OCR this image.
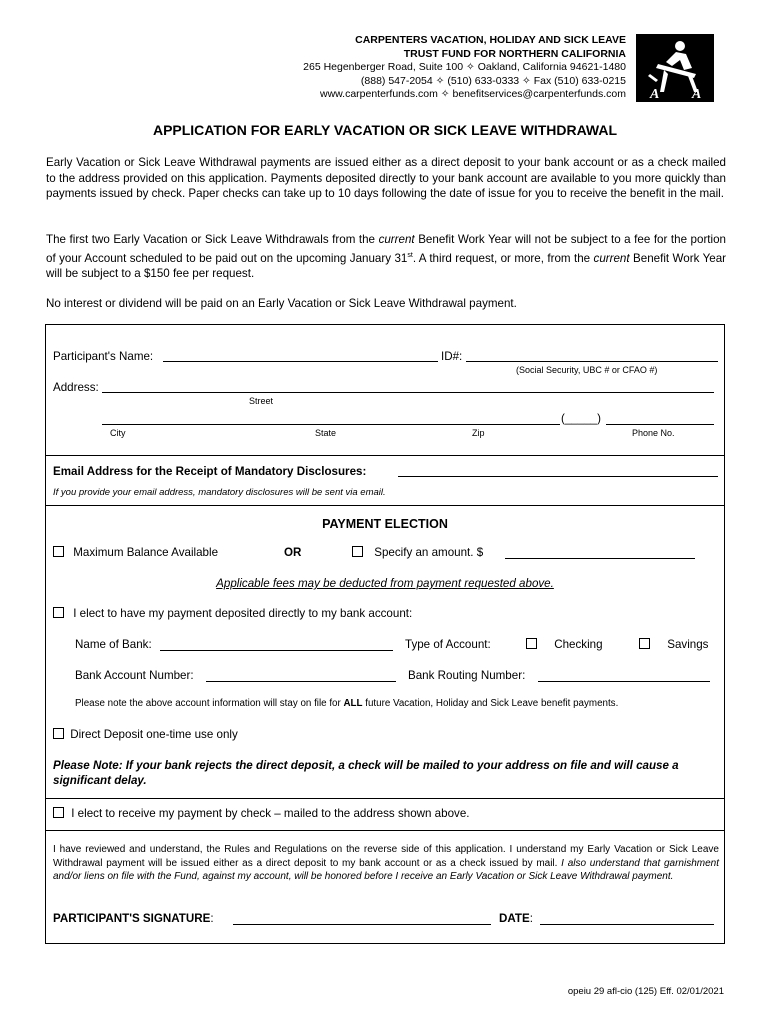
CARPENTERS VACATION, HOLIDAY AND SICK LEAVE
TRUST FUND FOR NORTHERN CALIFORNIA
265 Hegenberger Road, Suite 100 ✧ Oakland, California 94621-1480
(888) 547-2054 ✧ (510) 633-0333 ✧ Fax (510) 633-0215
www.carpenterfunds.com ✧ benefitservices@carpenterfunds.com A A
APPLICATION FOR EARLY VACATION OR SICK LEAVE WITHDRAWAL
Early Vacation or Sick Leave Withdrawal payments are issued either as a direct deposit to your bank account or as a check mailed to the address provided on this application. Payments deposited directly to your bank account are available to you more quickly than payments issued by check. Paper checks can take up to 10 days following the date of issue for you to receive the benefit in the mail.
The first two Early Vacation or Sick Leave Withdrawals from the current Benefit Work Year will not be subject to a fee for the portion of your Account scheduled to be paid out on the upcoming January 31st. A third request, or more, from the current Benefit Work Year will be subject to a $150 fee per request.
No interest or dividend will be paid on an Early Vacation or Sick Leave Withdrawal payment.
Participant's Name:	ID#:
(Social Security, UBC # or CFAO #)
Address:
Street
(_____)
City	State	Zip	Phone No.
Email Address for the Receipt of Mandatory Disclosures:
If you provide your email address, mandatory disclosures will be sent via email.
PAYMENT ELECTION
Maximum Balance Available	OR	Specify an amount. $
Applicable fees may be deducted from payment requested above.
I elect to have my payment deposited directly to my bank account:
Name of Bank:	Type of Account:	Checking	Savings
Bank Account Number:	Bank Routing Number:
Please note the above account information will stay on file for ALL future Vacation, Holiday and Sick Leave benefit payments.
Direct Deposit one-time use only
Please Note: If your bank rejects the direct deposit, a check will be mailed to your address on file and will cause a significant delay.
I elect to receive my payment by check – mailed to the address shown above.
I have reviewed and understand, the Rules and Regulations on the reverse side of this application. I understand my Early Vacation or Sick Leave Withdrawal payment will be issued either as a direct deposit to my bank account or as a check issued by mail. I also understand that garnishment and/or liens on file with the Fund, against my account, will be honored before I receive an Early Vacation or Sick Leave Withdrawal payment.
PARTICIPANT'S SIGNATURE:	DATE:
opeiu 29 afl-cio (125) Eff. 02/01/2021
